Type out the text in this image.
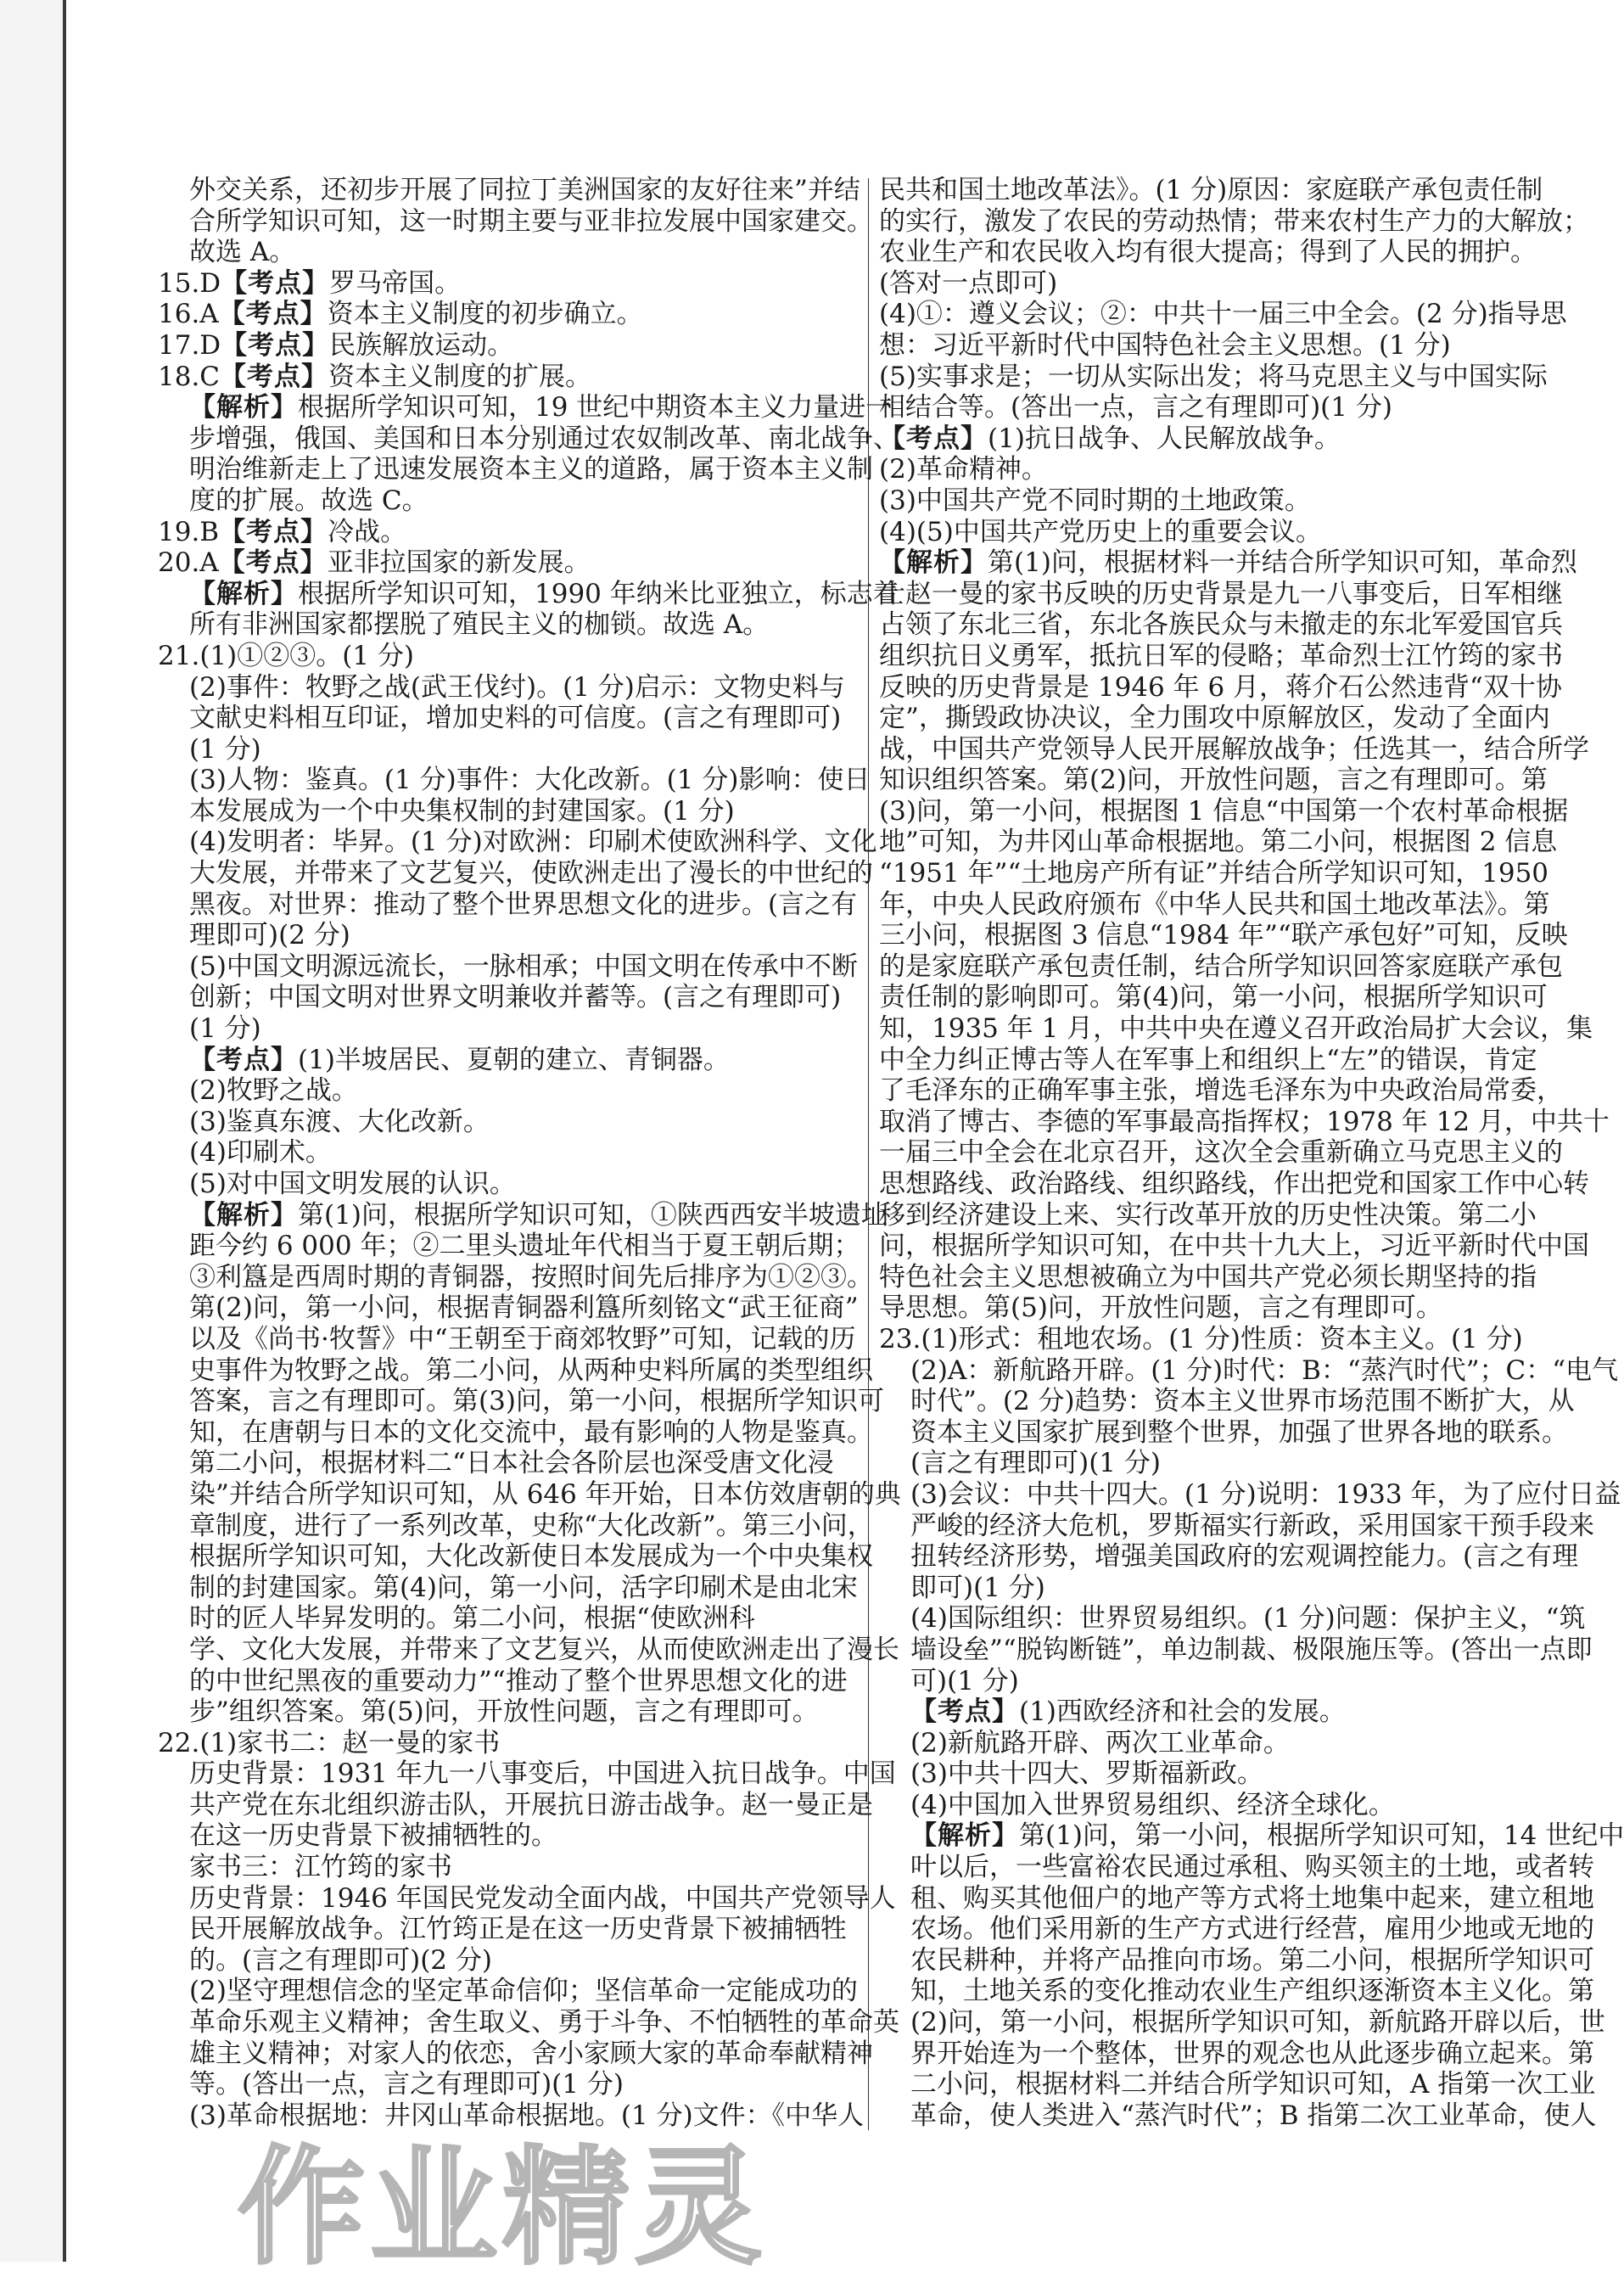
外交关系，还初步开展了同拉丁美洲国家的友好往来”并结
合所学知识可知，这一时期主要与亚非拉发展中国家建交。
故选 A。
15.D【考点】罗马帝国。
16.A【考点】资本主义制度的初步确立。
17.D【考点】民族解放运动。
18.C【考点】资本主义制度的扩展。
【解析】根据所学知识可知，19 世纪中期资本主义力量进一
步增强，俄国、美国和日本分别通过农奴制改革、南北战争、
明治维新走上了迅速发展资本主义的道路，属于资本主义制
度的扩展。故选 C。
19.B【考点】冷战。
20.A【考点】亚非拉国家的新发展。
【解析】根据所学知识可知，1990 年纳米比亚独立，标志着
所有非洲国家都摆脱了殖民主义的枷锁。故选 A。
21.(1)①②③。(1 分)
(2)事件：牧野之战(武王伐纣)。(1 分)启示：文物史料与
文献史料相互印证，增加史料的可信度。(言之有理即可)
(1 分)
(3)人物：鉴真。(1 分)事件：大化改新。(1 分)影响：使日
本发展成为一个中央集权制的封建国家。(1 分)
(4)发明者：毕昇。(1 分)对欧洲：印刷术使欧洲科学、文化
大发展，并带来了文艺复兴，使欧洲走出了漫长的中世纪的
黑夜。对世界：推动了整个世界思想文化的进步。(言之有
理即可)(2 分)
(5)中国文明源远流长，一脉相承；中国文明在传承中不断
创新；中国文明对世界文明兼收并蓄等。(言之有理即可)
(1 分)
【考点】(1)半坡居民、夏朝的建立、青铜器。
(2)牧野之战。
(3)鉴真东渡、大化改新。
(4)印刷术。
(5)对中国文明发展的认识。
【解析】第(1)问，根据所学知识可知，①陕西西安半坡遗址
距今约 6 000 年；②二里头遗址年代相当于夏王朝后期；
③利簋是西周时期的青铜器，按照时间先后排序为①②③。
第(2)问，第一小问，根据青铜器利簋所刻铭文“武王征商”
以及《尚书·牧誓》中“王朝至于商郊牧野”可知，记载的历
史事件为牧野之战。第二小问，从两种史料所属的类型组织
答案，言之有理即可。第(3)问，第一小问，根据所学知识可
知，在唐朝与日本的文化交流中，最有影响的人物是鉴真。
第二小问，根据材料二“日本社会各阶层也深受唐文化浸
染”并结合所学知识可知，从 646 年开始，日本仿效唐朝的典
章制度，进行了一系列改革，史称“大化改新”。第三小问，
根据所学知识可知，大化改新使日本发展成为一个中央集权
制的封建国家。第(4)问，第一小问，活字印刷术是由北宋
时的匠人毕昇发明的。第二小问，根据“使欧洲科
学、文化大发展，并带来了文艺复兴，从而使欧洲走出了漫长
的中世纪黑夜的重要动力”“推动了整个世界思想文化的进
步”组织答案。第(5)问，开放性问题，言之有理即可。
22.(1)家书二：赵一曼的家书
历史背景：1931 年九一八事变后，中国进入抗日战争。中国
共产党在东北组织游击队，开展抗日游击战争。赵一曼正是
在这一历史背景下被捕牺牲的。
家书三：江竹筠的家书
历史背景：1946 年国民党发动全面内战，中国共产党领导人
民开展解放战争。江竹筠正是在这一历史背景下被捕牺牲
的。(言之有理即可)(2 分)
(2)坚守理想信念的坚定革命信仰；坚信革命一定能成功的
革命乐观主义精神；舍生取义、勇于斗争、不怕牺牲的革命英
雄主义精神；对家人的依恋，舍小家顾大家的革命奉献精神
等。(答出一点，言之有理即可)(1 分)
(3)革命根据地：井冈山革命根据地。(1 分)文件：《中华人
民共和国土地改革法》。(1 分)原因：家庭联产承包责任制
的实行，激发了农民的劳动热情；带来农村生产力的大解放；
农业生产和农民收入均有很大提高；得到了人民的拥护。
(答对一点即可)
(4)①：遵义会议；②：中共十一届三中全会。(2 分)指导思
想：习近平新时代中国特色社会主义思想。(1 分)
(5)实事求是；一切从实际出发；将马克思主义与中国实际
相结合等。(答出一点，言之有理即可)(1 分)
【考点】(1)抗日战争、人民解放战争。
(2)革命精神。
(3)中国共产党不同时期的土地政策。
(4)(5)中国共产党历史上的重要会议。
【解析】第(1)问，根据材料一并结合所学知识可知，革命烈
士赵一曼的家书反映的历史背景是九一八事变后，日军相继
占领了东北三省，东北各族民众与未撤走的东北军爱国官兵
组织抗日义勇军，抵抗日军的侵略；革命烈士江竹筠的家书
反映的历史背景是 1946 年 6 月，蒋介石公然违背“双十协
定”，撕毁政协决议，全力围攻中原解放区，发动了全面内
战，中国共产党领导人民开展解放战争；任选其一，结合所学
知识组织答案。第(2)问，开放性问题，言之有理即可。第
(3)问，第一小问，根据图 1 信息“中国第一个农村革命根据
地”可知，为井冈山革命根据地。第二小问，根据图 2 信息
“1951 年”“土地房产所有证”并结合所学知识可知，1950
年，中央人民政府颁布《中华人民共和国土地改革法》。第
三小问，根据图 3 信息“1984 年”“联产承包好”可知，反映
的是家庭联产承包责任制，结合所学知识回答家庭联产承包
责任制的影响即可。第(4)问，第一小问，根据所学知识可
知，1935 年 1 月，中共中央在遵义召开政治局扩大会议，集
中全力纠正博古等人在军事上和组织上“左”的错误，肯定
了毛泽东的正确军事主张，增选毛泽东为中央政治局常委，
取消了博古、李德的军事最高指挥权；1978 年 12 月，中共十
一届三中全会在北京召开，这次全会重新确立马克思主义的
思想路线、政治路线、组织路线，作出把党和国家工作中心转
移到经济建设上来、实行改革开放的历史性决策。第二小
问，根据所学知识可知，在中共十九大上，习近平新时代中国
特色社会主义思想被确立为中国共产党必须长期坚持的指
导思想。第(5)问，开放性问题，言之有理即可。
23.(1)形式：租地农场。(1 分)性质：资本主义。(1 分)
(2)A：新航路开辟。(1 分)时代：B：“蒸汽时代”；C：“电气
时代”。(2 分)趋势：资本主义世界市场范围不断扩大，从
资本主义国家扩展到整个世界，加强了世界各地的联系。
(言之有理即可)(1 分)
(3)会议：中共十四大。(1 分)说明：1933 年，为了应付日益
严峻的经济大危机，罗斯福实行新政，采用国家干预手段来
扭转经济形势，增强美国政府的宏观调控能力。(言之有理
即可)(1 分)
(4)国际组织：世界贸易组织。(1 分)问题：保护主义，“筑
墙设垒”“脱钩断链”，单边制裁、极限施压等。(答出一点即
可)(1 分)
【考点】(1)西欧经济和社会的发展。
(2)新航路开辟、两次工业革命。
(3)中共十四大、罗斯福新政。
(4)中国加入世界贸易组织、经济全球化。
【解析】第(1)问，第一小问，根据所学知识可知，14 世纪中
叶以后，一些富裕农民通过承租、购买领主的土地，或者转
租、购买其他佃户的地产等方式将土地集中起来，建立租地
农场。他们采用新的生产方式进行经营，雇用少地或无地的
农民耕种，并将产品推向市场。第二小问，根据所学知识可
知，土地关系的变化推动农业生产组织逐渐资本主义化。第
(2)问，第一小问，根据所学知识可知，新航路开辟以后，世
界开始连为一个整体，世界的观念也从此逐步确立起来。第
二小问，根据材料二并结合所学知识可知，A 指第一次工业
革命，使人类进入“蒸汽时代”；B 指第二次工业革命，使人
作业精灵
